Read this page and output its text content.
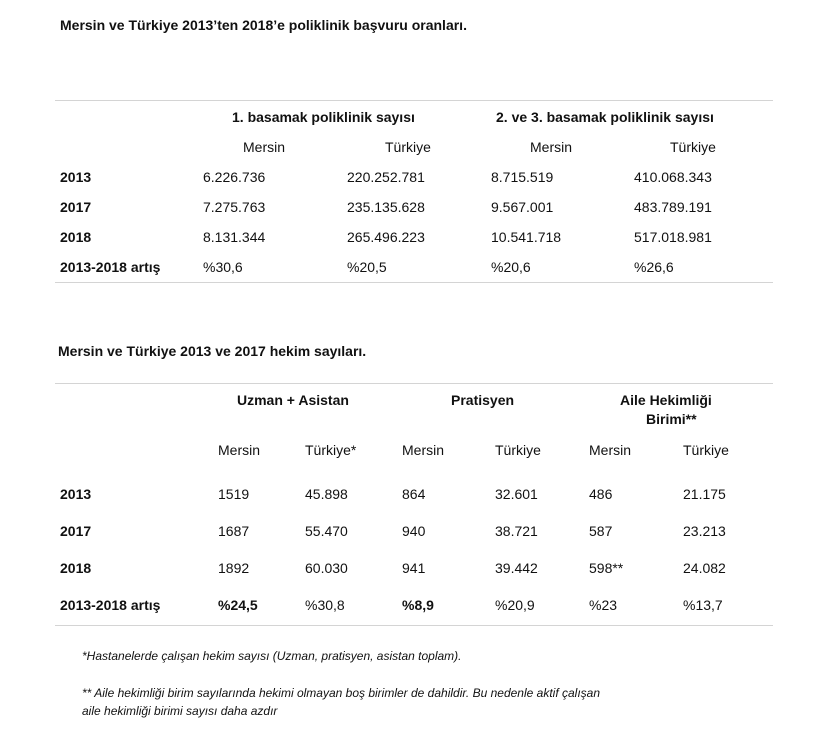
Mersin ve Türkiye 2013’ten 2018’e poliklinik başvuru oranları.
1. basamak poliklinik sayısı	2. ve 3. basamak poliklinik sayısı
Mersin	Türkiye	Mersin	Türkiye
2013	6.226.736	220.252.781	8.715.519	410.068.343
2017	7.275.763	235.135.628	9.567.001	483.789.191
2018	8.131.344	265.496.223	10.541.718	517.018.981
2013-2018 artış	%30,6	%20,5	%20,6	%26,6
Mersin ve Türkiye 2013 ve 2017 hekim sayıları.
Uzman + Asistan	Pratisyen	Aile Hekimliği
Birimi**
Mersin	Türkiye*	Mersin	Türkiye	Mersin	Türkiye
2013	1519	45.898	864	32.601	486	21.175
2017	1687	55.470	940	38.721	587	23.213
2018	1892	60.030	941	39.442	598**	24.082
2013-2018 artış	%24,5	%30,8	%8,9	%20,9	%23	%13,7
*Hastanelerde çalışan hekim sayısı (Uzman, pratisyen, asistan toplam).
** Aile hekimliği birim sayılarında hekimi olmayan boş birimler de dahildir. Bu nedenle aktif çalışan
aile hekimliği birimi sayısı daha azdır
